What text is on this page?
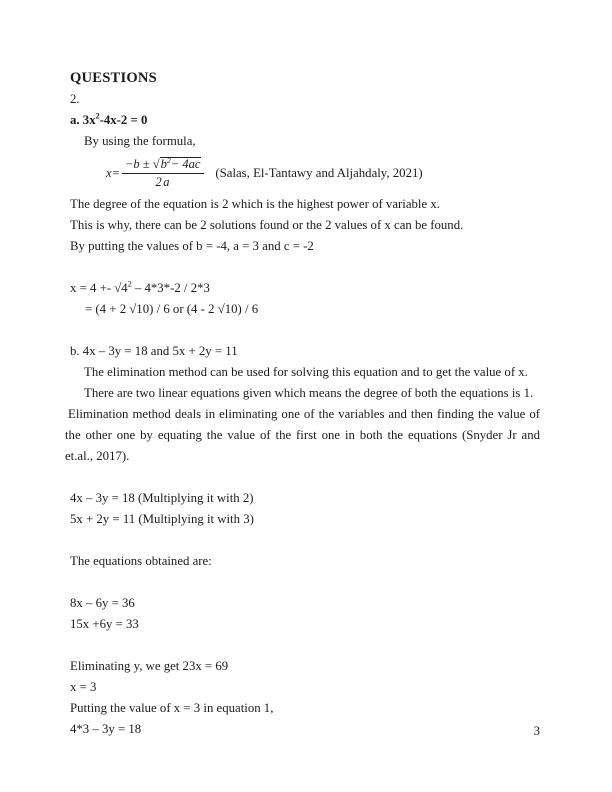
QUESTIONS
2.
a. $3x^2-4x-2 = 0$
By using the formula,
$x= \frac{-b \pm √b^2- 4ac}{2a}$ (Salas, El-Tantawy and Aljahdaly, 2021)
The degree of the equation is 2 which is the highest power of variable x.
This is why, there can be 2 solutions found or the 2 values of x can be found.
By putting the values of b = -4, a = 3 and c = -2
$x = 4 +- √4^2 - 4*3*-2 / 2*3$
= (4 + 2 √10) / 6 or (4 - 2 √10) / 6
b. 4x – 3y = 18 and 5x + 2y = 11
The elimination method can be used for solving this equation and to get the value of x.
There are two linear equations given which means the degree of both the equations is 1.
Elimination method deals in eliminating one of the variables and then finding the value of the other one by equating the value of the first one in both the equations (Snyder Jr and et.al., 2017).
4x – 3y = 18 (Multiplying it with 2)
5x + 2y = 11 (Multiplying it with 3)
The equations obtained are:
8x – 6y = 36
15x +6y = 33
Eliminating y, we get 23x = 69
x = 3
Putting the value of x = 3 in equation 1,
4*3 – 3y = 18	3
